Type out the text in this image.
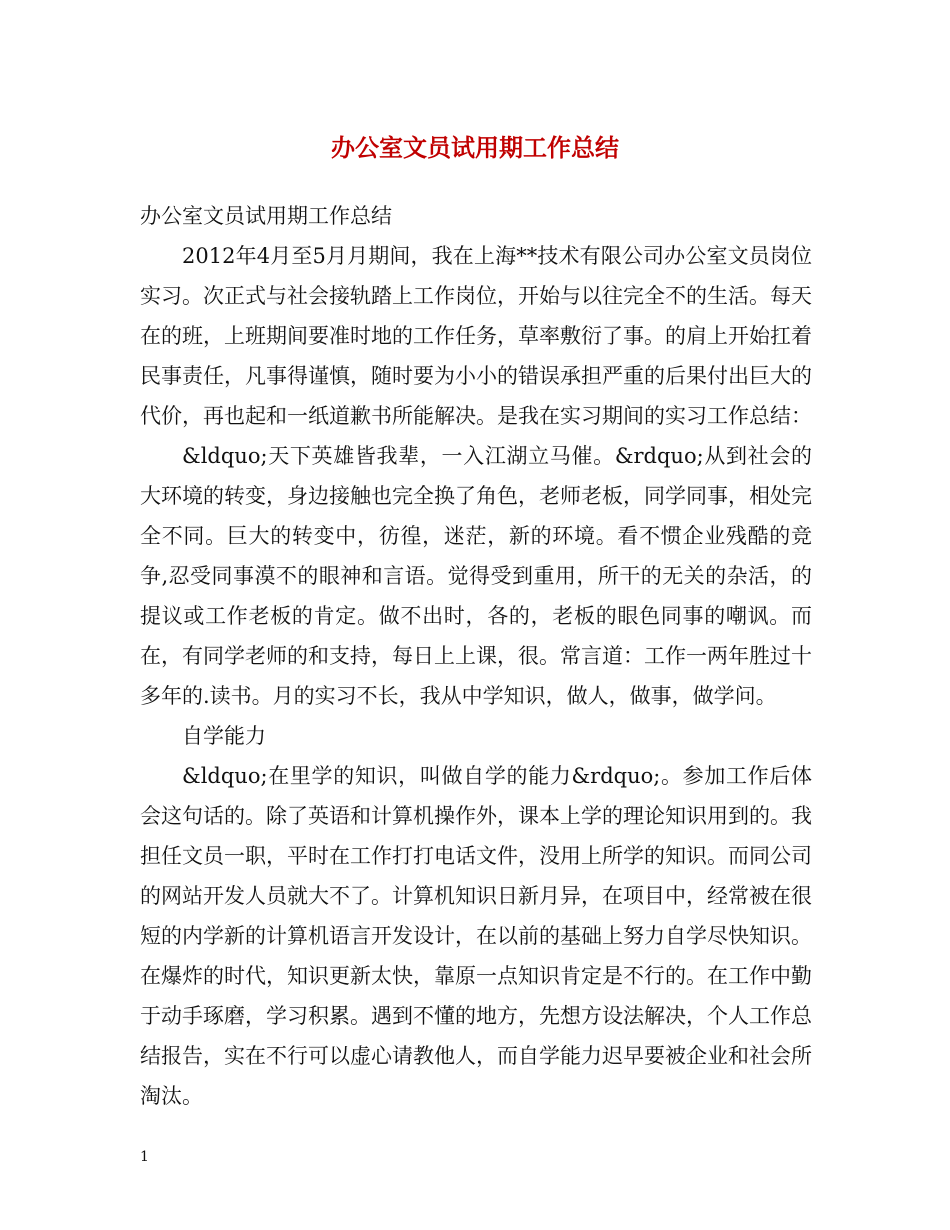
办公室文员试用期工作总结

办公室文员试用期工作总结

2012年4月至5月月期间，我在上海**技术有限公司办公室文员岗位实习。次正式与社会接轨踏上工作岗位，开始与以往完全不的生活。每天在的班，上班期间要准时地的工作任务，草率敷衍了事。的肩上开始扛着民事责任，凡事得谨慎，随时要为小小的错误承担严重的后果付出巨大的代价，再也起和一纸道歉书所能解决。是我在实习期间的实习工作总结：

&ldquo;天下英雄皆我辈，一入江湖立马催。&rdquo;从到社会的大环境的转变，身边接触也完全换了角色，老师老板，同学同事，相处完全不同。巨大的转变中，彷徨，迷茫，新的环境。看不惯企业残酷的竞争,忍受同事漠不的眼神和言语。觉得受到重用，所干的无关的杂活，的提议或工作老板的肯定。做不出时，各的，老板的眼色同事的嘲讽。而在，有同学老师的和支持，每日上上课，很。常言道：工作一两年胜过十多年的.读书。月的实习不长，我从中学知识，做人，做事，做学问。

自学能力

&ldquo;在里学的知识，叫做自学的能力&rdquo;。参加工作后体会这句话的。除了英语和计算机操作外，课本上学的理论知识用到的。我担任文员一职，平时在工作打打电话文件，没用上所学的知识。而同公司的网站开发人员就大不了。计算机知识日新月异，在项目中，经常被在很短的内学新的计算机语言开发设计，在以前的基础上努力自学尽快知识。在爆炸的时代，知识更新太快，靠原一点知识肯定是不行的。在工作中勤于动手琢磨，学习积累。遇到不懂的地方，先想方设法解决，个人工作总结报告，实在不行可以虚心请教他人，而自学能力迟早要被企业和社会所淘汰。

1
